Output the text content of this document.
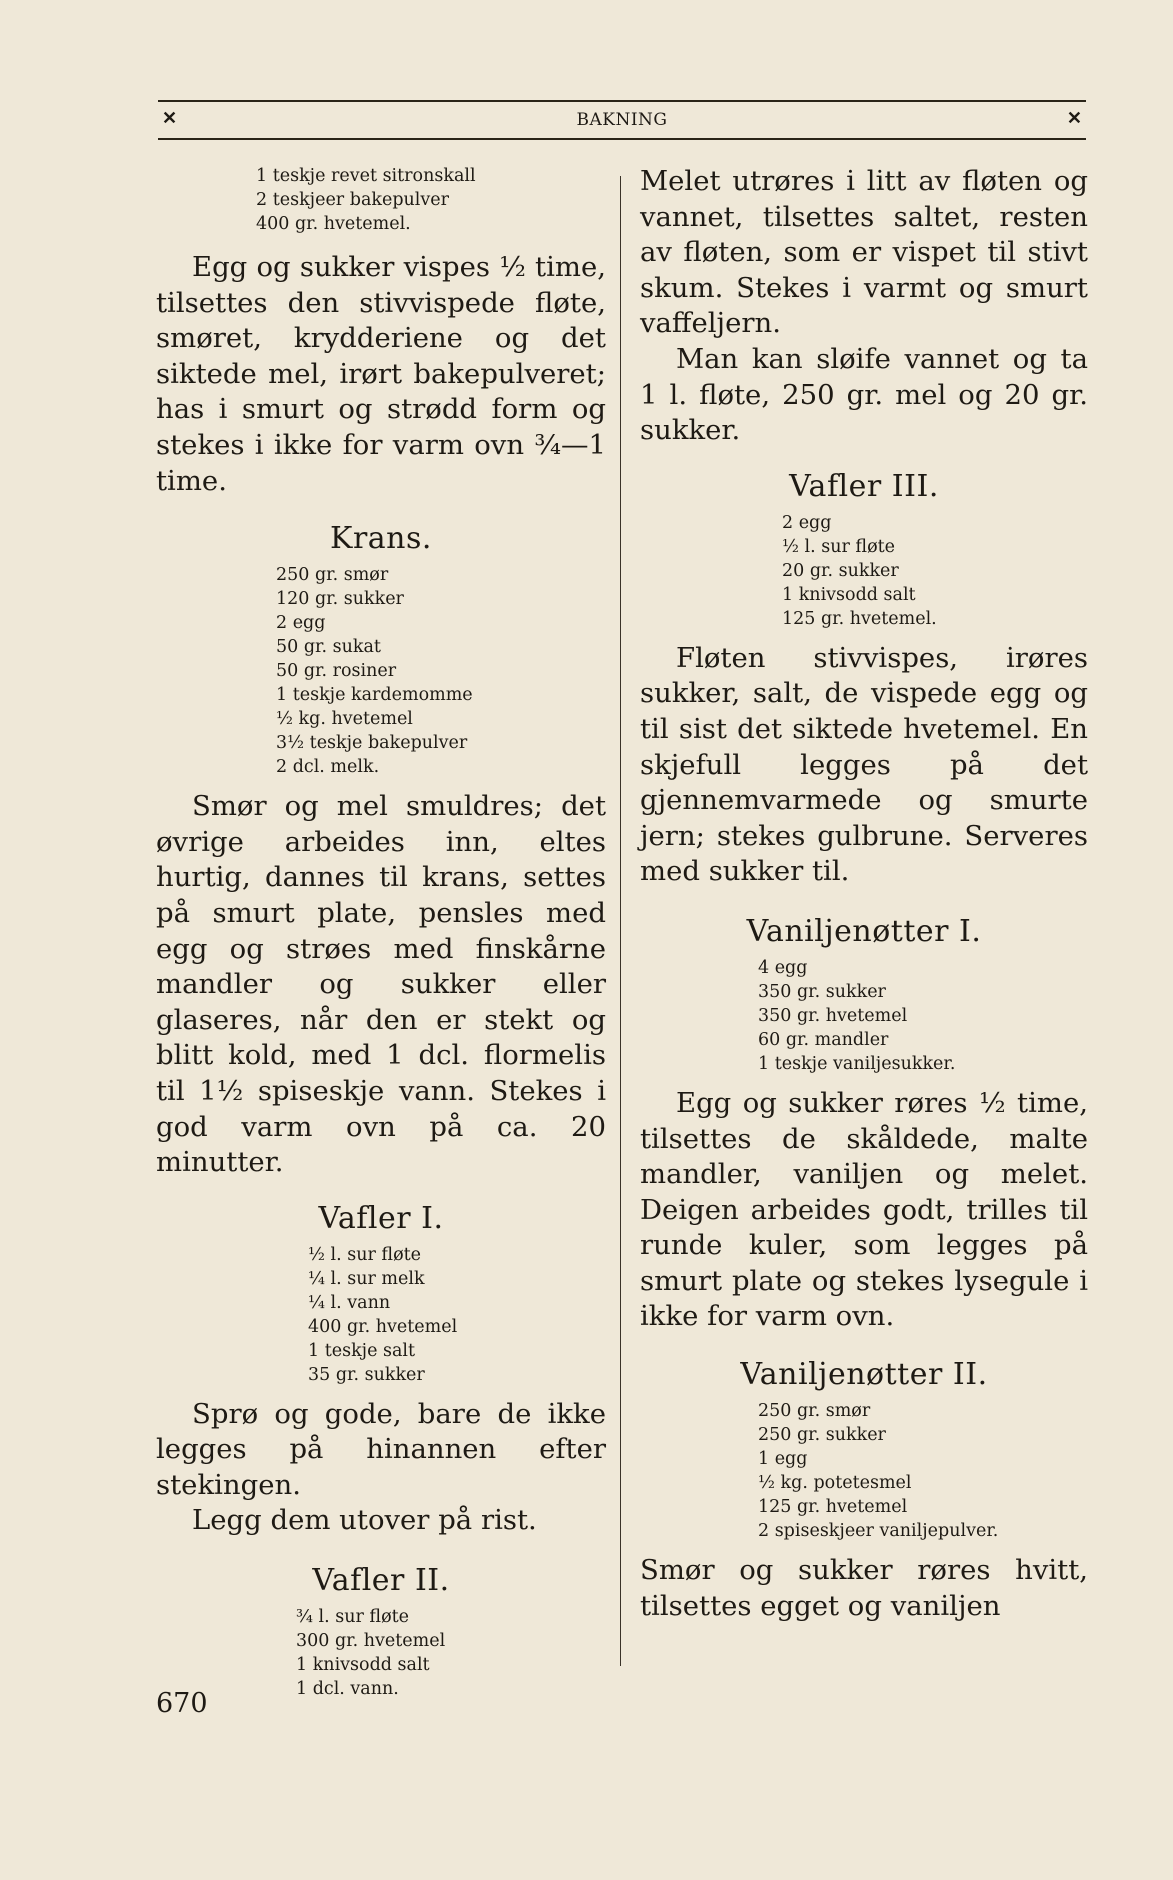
✕	BAKNING	✕
1 teskje revet sitronskall
2 teskjeer bakepulver
400 gr. hvetemel.

Egg og sukker vispes ½ time, tilsettes den stivvispede fløte, smøret, krydderiene og det siktede mel, irørt bakepulveret; has i smurt og strødd form og stekes i ikke for varm ovn ¾—1 time.

Krans.
250 gr. smør
120 gr. sukker
2 egg
50 gr. sukat
50 gr. rosiner
1 teskje kardemomme
½ kg. hvetemel
3½ teskje bakepulver
2 dcl. melk.

Smør og mel smuldres; det øvrige arbeides inn, eltes hurtig, dannes til krans, settes på smurt plate, pensles med egg og strøes med finskårne mandler og sukker eller glaseres, når den er stekt og blitt kold, med 1 dcl. flormelis til 1½ spiseskje vann. Stekes i god varm ovn på ca. 20 minutter.

Vafler I.
½ l. sur fløte
¼ l. sur melk
¼ l. vann
400 gr. hvetemel
1 teskje salt
35 gr. sukker

Sprø og gode, bare de ikke legges på hinannen efter stekingen.

Legg dem utover på rist.

Vafler II.
¾ l. sur fløte
300 gr. hvetemel
1 knivsodd salt
1 dcl. vann.

Melet utrøres i litt av fløten og vannet, tilsettes saltet, resten av fløten, som er vispet til stivt skum. Stekes i varmt og smurt vaffeljern.

Man kan sløife vannet og ta 1 l. fløte, 250 gr. mel og 20 gr. sukker.

Vafler III.
2 egg
½ l. sur fløte
20 gr. sukker
1 knivsodd salt
125 gr. hvetemel.

Fløten stivvispes, irøres sukker, salt, de vispede egg og til sist det siktede hvetemel. En skjefull legges på det gjennemvarmede og smurte jern; stekes gulbrune. Serveres med sukker til.

Vaniljenøtter I.
4 egg
350 gr. sukker
350 gr. hvetemel
60 gr. mandler
1 teskje vaniljesukker.

Egg og sukker røres ½ time, tilsettes de skåldede, malte mandler, vaniljen og melet. Deigen arbeides godt, trilles til runde kuler, som legges på smurt plate og stekes lysegule i ikke for varm ovn.

Vaniljenøtter II.
250 gr. smør
250 gr. sukker
1 egg
½ kg. potetesmel
125 gr. hvetemel
2 spiseskjeer vaniljepulver.

Smør og sukker røres hvitt, tilsettes egget og vaniljen

670
